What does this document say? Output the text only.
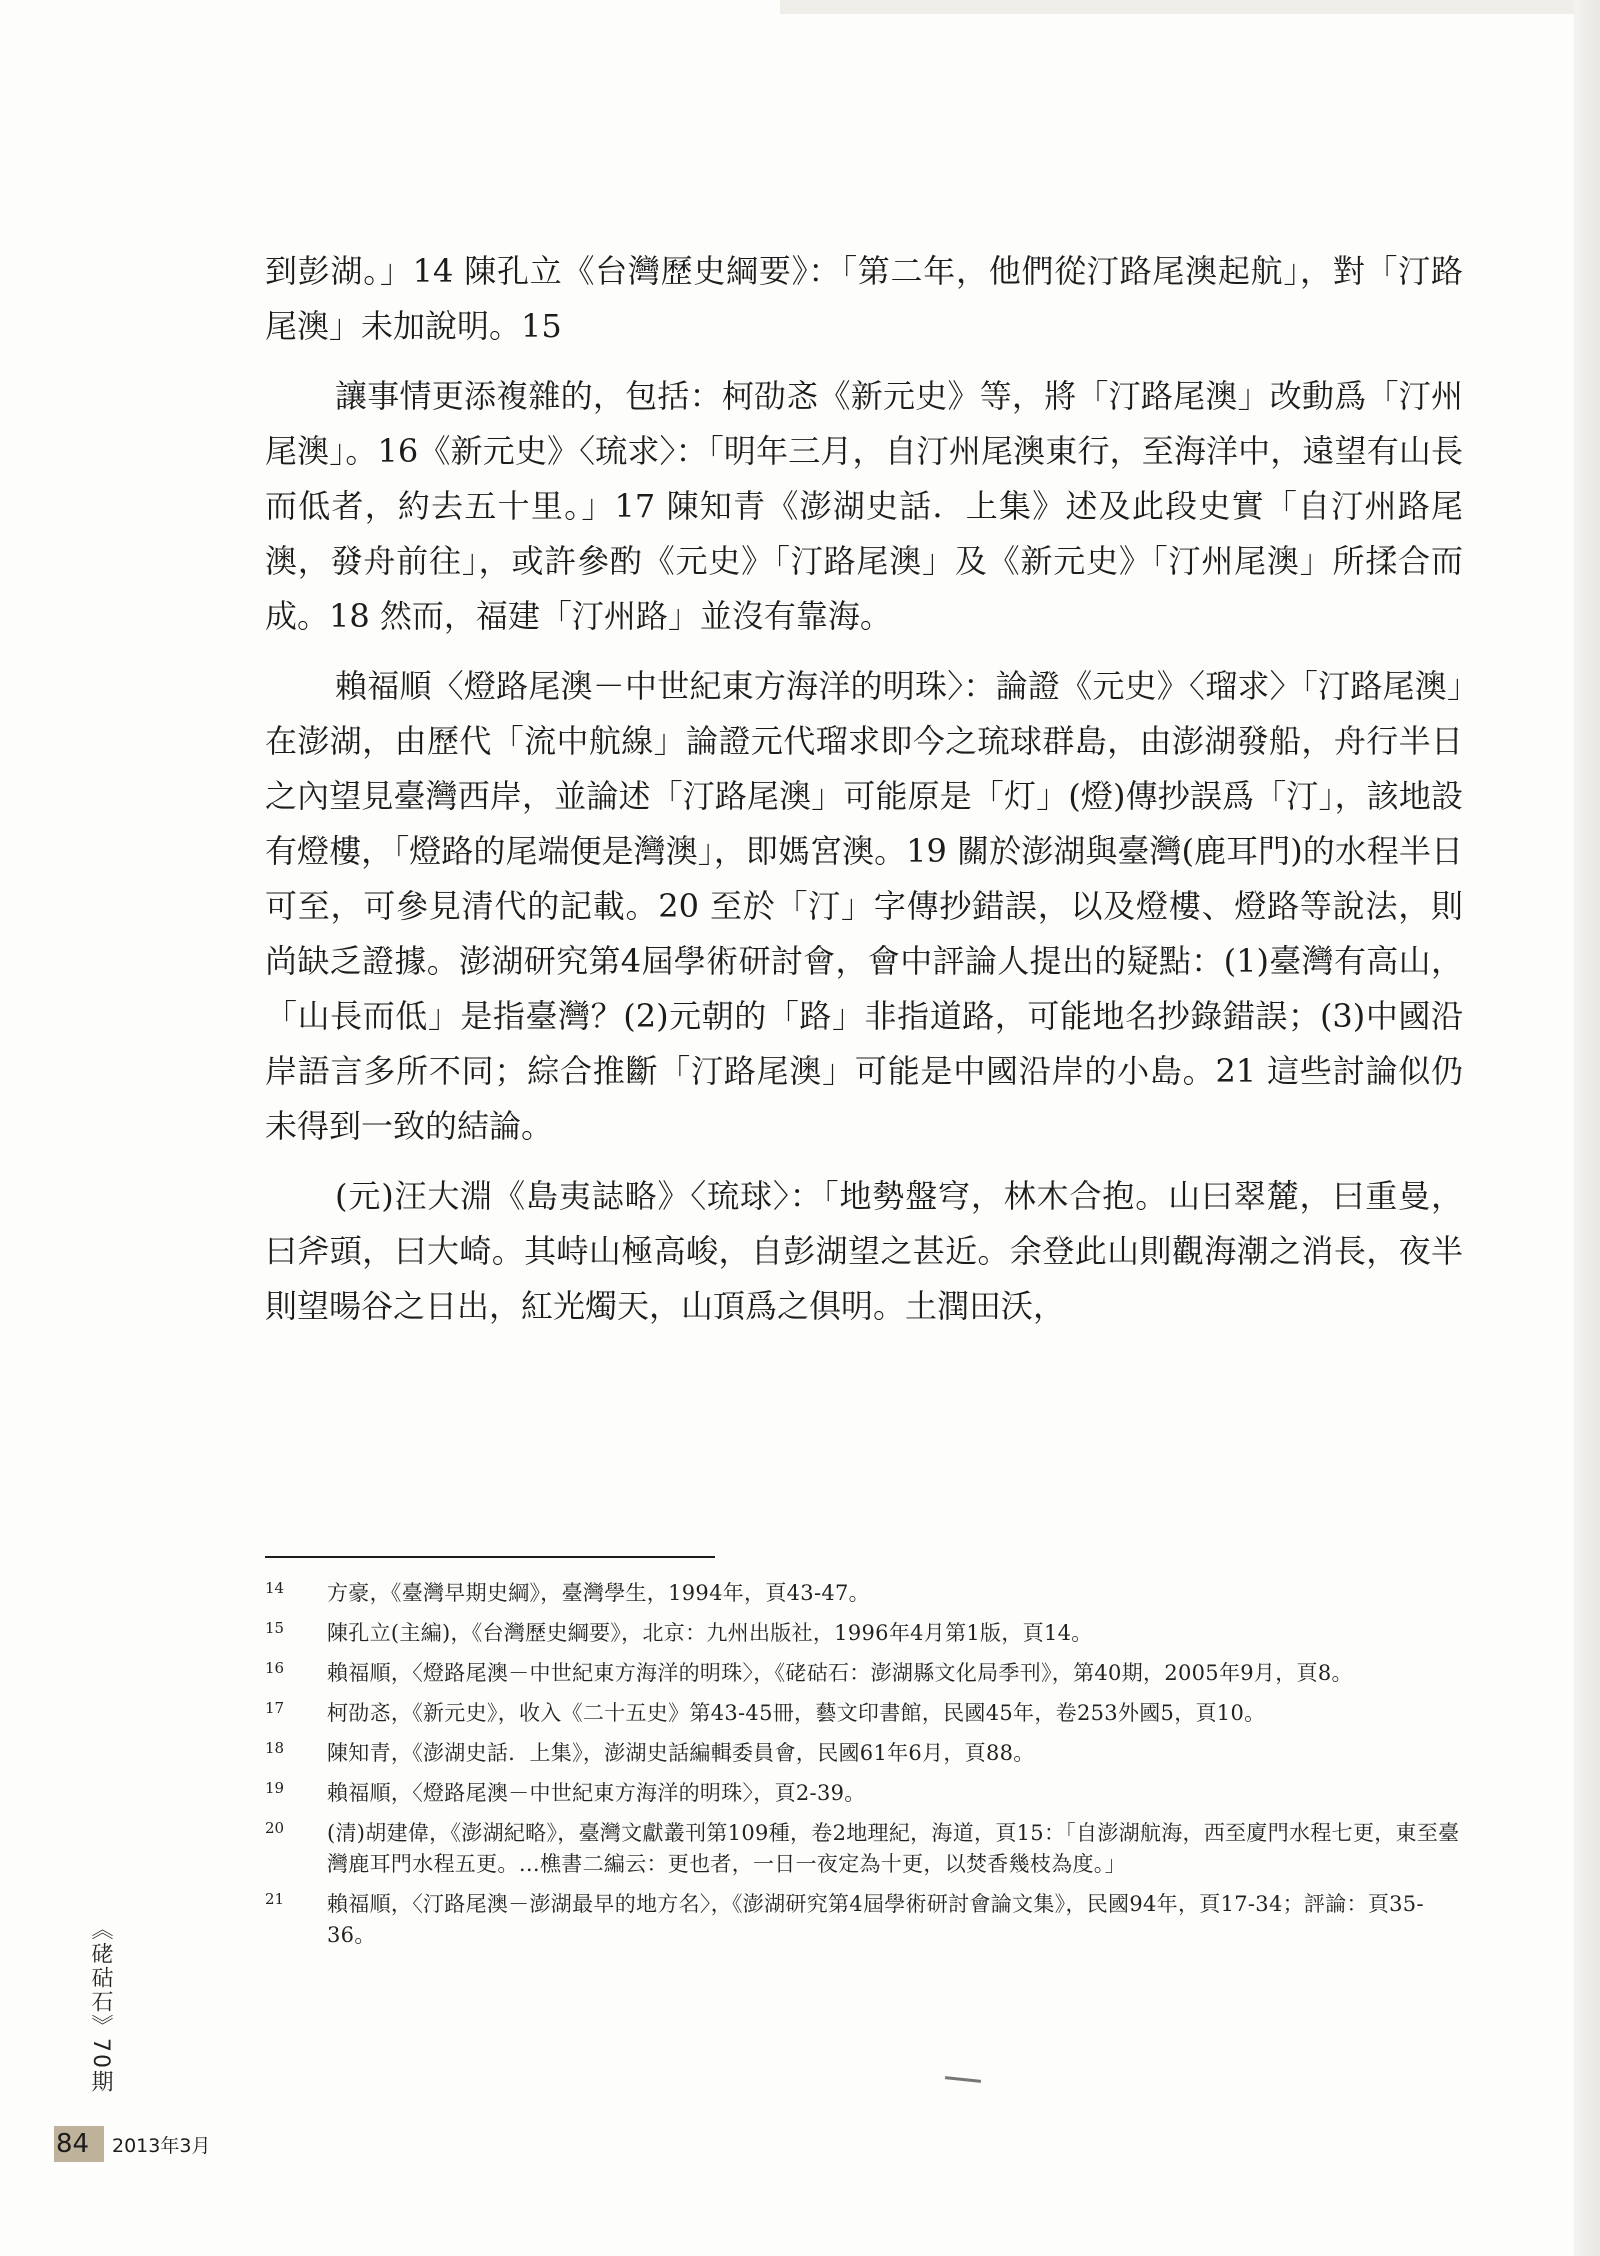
到彭湖。」14 陳孔立《台灣歷史綱要》：「第二年，他們從汀路尾澳起航」，對「汀路尾澳」未加說明。15

讓事情更添複雜的，包括：柯劭忞《新元史》等，將「汀路尾澳」改動爲「汀州尾澳」。16《新元史》〈琉求〉：「明年三月，自汀州尾澳東行，至海洋中，遠望有山長而低者，約去五十里。」17 陳知青《澎湖史話．上集》述及此段史實「自汀州路尾澳，發舟前往」，或許參酌《元史》「汀路尾澳」及《新元史》「汀州尾澳」所揉合而成。18 然而，福建「汀州路」並沒有靠海。

賴福順〈燈路尾澳－中世紀東方海洋的明珠〉：論證《元史》〈瑠求〉「汀路尾澳」在澎湖，由歷代「流中航線」論證元代瑠求即今之琉球群島，由澎湖發船，舟行半日之內望見臺灣西岸，並論述「汀路尾澳」可能原是「灯」(燈)傳抄誤爲「汀」，該地設有燈樓，「燈路的尾端便是灣澳」，即媽宮澳。19 關於澎湖與臺灣(鹿耳門)的水程半日可至，可參見清代的記載。20 至於「汀」字傳抄錯誤，以及燈樓、燈路等說法，則尚缺乏證據。澎湖研究第4屆學術研討會，會中評論人提出的疑點：(1)臺灣有高山，「山長而低」是指臺灣？(2)元朝的「路」非指道路，可能地名抄錄錯誤；(3)中國沿岸語言多所不同；綜合推斷「汀路尾澳」可能是中國沿岸的小島。21 這些討論似仍未得到一致的結論。

(元)汪大淵《島夷誌略》〈琉球〉：「地勢盤穹，林木合抱。山曰翠麓，曰重曼，曰斧頭，曰大崎。其峙山極高峻，自彭湖望之甚近。余登此山則觀海潮之消長，夜半則望暘谷之日出，紅光燭天，山頂爲之俱明。土潤田沃，

14	方豪，《臺灣早期史綱》，臺灣學生，1994年，頁43-47。
15	陳孔立(主編)，《台灣歷史綱要》，北京：九州出版社，1996年4月第1版，頁14。
16	賴福順，〈燈路尾澳－中世紀東方海洋的明珠〉，《硓𥑮石：澎湖縣文化局季刊》，第40期，2005年9月，頁8。
17	柯劭忞，《新元史》，收入《二十五史》第43-45冊，藝文印書館，民國45年，卷253外國5，頁10。
18	陳知青，《澎湖史話．上集》，澎湖史話編輯委員會，民國61年6月，頁88。
19	賴福順，〈燈路尾澳－中世紀東方海洋的明珠〉，頁2-39。
20	(清)胡建偉，《澎湖紀略》，臺灣文獻叢刊第109種，卷2地理紀，海道，頁15：「自澎湖航海，西至廈門水程七更，東至臺灣鹿耳門水程五更。…樵書二編云：更也者，一日一夜定為十更，以焚香幾枝為度。」
21	賴福順，〈汀路尾澳－澎湖最早的地方名〉，《澎湖研究第4屆學術研討會論文集》，民國94年，頁17-34；評論：頁35-36。
《硓𥑮石》70期
84 2013年3月
